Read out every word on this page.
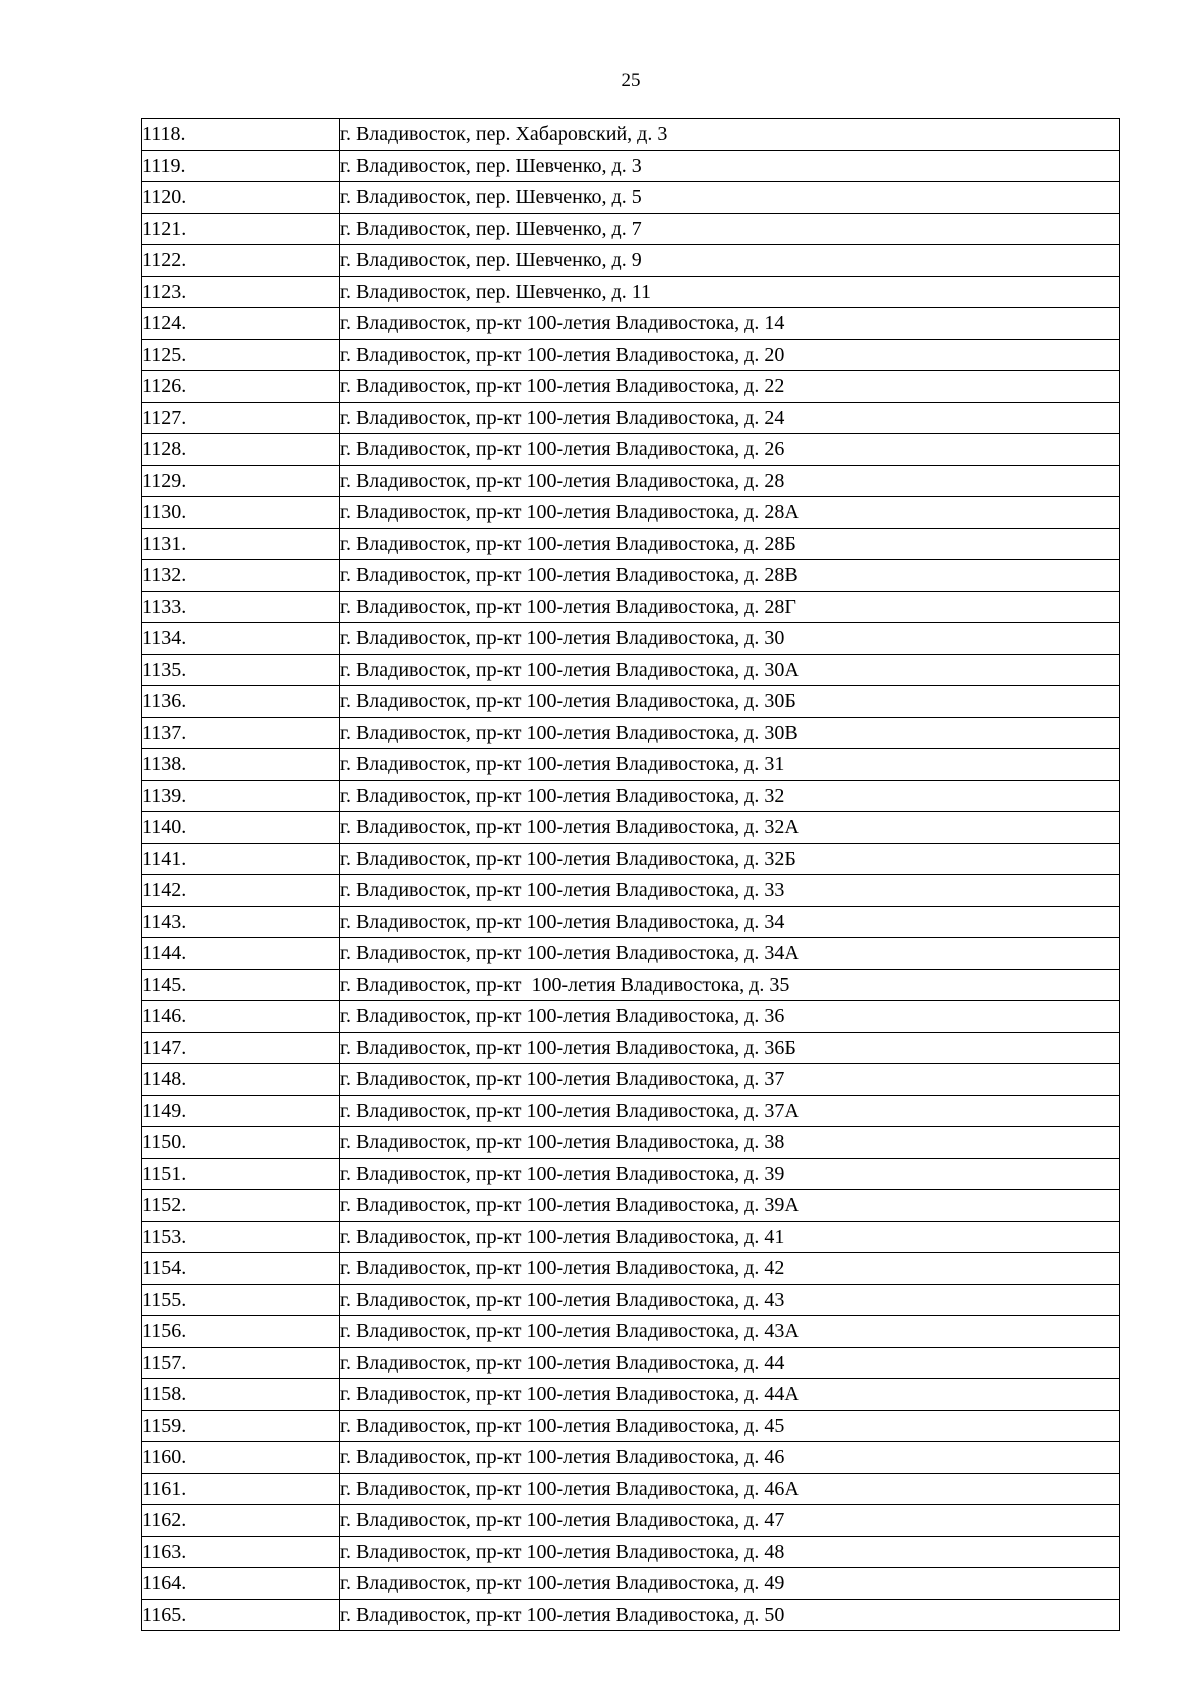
25
1118.	г. Владивосток, пер. Хабаровский, д. 3
1119.	г. Владивосток, пер. Шевченко, д. 3
1120.	г. Владивосток, пер. Шевченко, д. 5
1121.	г. Владивосток, пер. Шевченко, д. 7
1122.	г. Владивосток, пер. Шевченко, д. 9
1123.	г. Владивосток, пер. Шевченко, д. 11
1124.	г. Владивосток, пр-кт 100-летия Владивостока, д. 14
1125.	г. Владивосток, пр-кт 100-летия Владивостока, д. 20
1126.	г. Владивосток, пр-кт 100-летия Владивостока, д. 22
1127.	г. Владивосток, пр-кт 100-летия Владивостока, д. 24
1128.	г. Владивосток, пр-кт 100-летия Владивостока, д. 26
1129.	г. Владивосток, пр-кт 100-летия Владивостока, д. 28
1130.	г. Владивосток, пр-кт 100-летия Владивостока, д. 28А
1131.	г. Владивосток, пр-кт 100-летия Владивостока, д. 28Б
1132.	г. Владивосток, пр-кт 100-летия Владивостока, д. 28В
1133.	г. Владивосток, пр-кт 100-летия Владивостока, д. 28Г
1134.	г. Владивосток, пр-кт 100-летия Владивостока, д. 30
1135.	г. Владивосток, пр-кт 100-летия Владивостока, д. 30А
1136.	г. Владивосток, пр-кт 100-летия Владивостока, д. 30Б
1137.	г. Владивосток, пр-кт 100-летия Владивостока, д. 30В
1138.	г. Владивосток, пр-кт 100-летия Владивостока, д. 31
1139.	г. Владивосток, пр-кт 100-летия Владивостока, д. 32
1140.	г. Владивосток, пр-кт 100-летия Владивостока, д. 32А
1141.	г. Владивосток, пр-кт 100-летия Владивостока, д. 32Б
1142.	г. Владивосток, пр-кт 100-летия Владивостока, д. 33
1143.	г. Владивосток, пр-кт 100-летия Владивостока, д. 34
1144.	г. Владивосток, пр-кт 100-летия Владивостока, д. 34А
1145.	г. Владивосток, пр-кт  100-летия Владивостока, д. 35
1146.	г. Владивосток, пр-кт 100-летия Владивостока, д. 36
1147.	г. Владивосток, пр-кт 100-летия Владивостока, д. 36Б
1148.	г. Владивосток, пр-кт 100-летия Владивостока, д. 37
1149.	г. Владивосток, пр-кт 100-летия Владивостока, д. 37А
1150.	г. Владивосток, пр-кт 100-летия Владивостока, д. 38
1151.	г. Владивосток, пр-кт 100-летия Владивостока, д. 39
1152.	г. Владивосток, пр-кт 100-летия Владивостока, д. 39А
1153.	г. Владивосток, пр-кт 100-летия Владивостока, д. 41
1154.	г. Владивосток, пр-кт 100-летия Владивостока, д. 42
1155.	г. Владивосток, пр-кт 100-летия Владивостока, д. 43
1156.	г. Владивосток, пр-кт 100-летия Владивостока, д. 43А
1157.	г. Владивосток, пр-кт 100-летия Владивостока, д. 44
1158.	г. Владивосток, пр-кт 100-летия Владивостока, д. 44А
1159.	г. Владивосток, пр-кт 100-летия Владивостока, д. 45
1160.	г. Владивосток, пр-кт 100-летия Владивостока, д. 46
1161.	г. Владивосток, пр-кт 100-летия Владивостока, д. 46А
1162.	г. Владивосток, пр-кт 100-летия Владивостока, д. 47
1163.	г. Владивосток, пр-кт 100-летия Владивостока, д. 48
1164.	г. Владивосток, пр-кт 100-летия Владивостока, д. 49
1165.	г. Владивосток, пр-кт 100-летия Владивостока, д. 50
